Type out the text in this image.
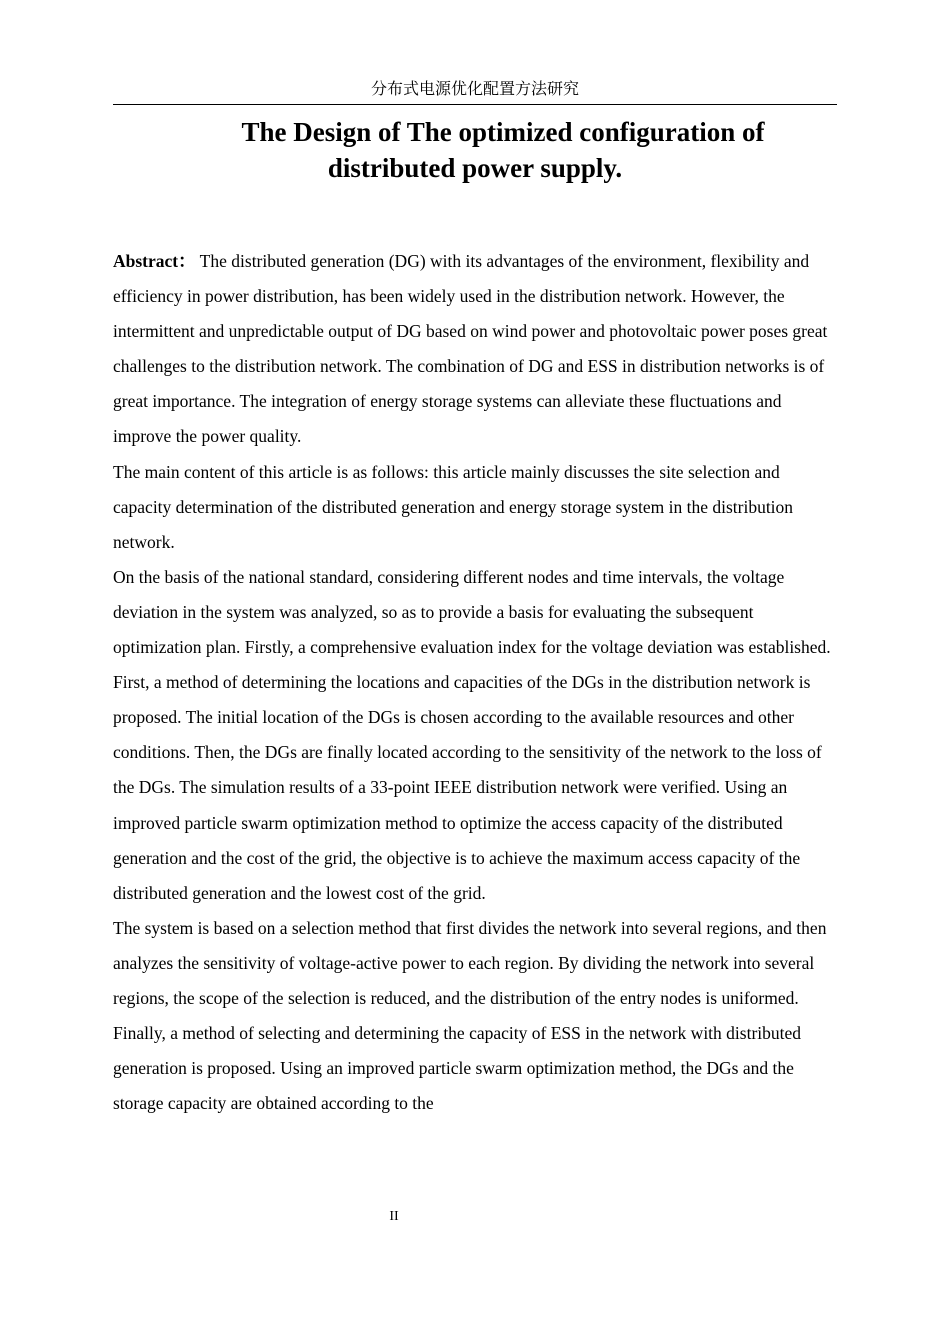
分布式电源优化配置方法研究
The Design of The optimized configuration of
distributed power supply.

Abstract： The distributed generation (DG) with its advantages of the environment, flexibility and efficiency in power distribution, has been widely used in the distribution network. However, the intermittent and unpredictable output of DG based on wind power and photovoltaic power poses great challenges to the distribution network. The combination of DG and ESS in distribution networks is of great importance. The integration of energy storage systems can alleviate these fluctuations and improve the power quality.

The main content of this article is as follows: this article mainly discusses the site selection and capacity determination of the distributed generation and energy storage system in the distribution network.

On the basis of the national standard, considering different nodes and time intervals, the voltage deviation in the system was analyzed, so as to provide a basis for evaluating the subsequent optimization plan. Firstly, a comprehensive evaluation index for the voltage deviation was established.

First, a method of determining the locations and capacities of the DGs in the distribution network is proposed. The initial location of the DGs is chosen according to the available resources and other conditions. Then, the DGs are finally located according to the sensitivity of the network to the loss of the DGs. The simulation results of a 33-point IEEE distribution network were verified. Using an improved particle swarm optimization method to optimize the access capacity of the distributed generation and the cost of the grid, the objective is to achieve the maximum access capacity of the distributed generation and the lowest cost of the grid.

The system is based on a selection method that first divides the network into several regions, and then analyzes the sensitivity of voltage-active power to each region. By dividing the network into several regions, the scope of the selection is reduced, and the distribution of the entry nodes is uniformed. Finally, a method of selecting and determining the capacity of ESS in the network with distributed generation is proposed. Using an improved particle swarm optimization method, the DGs and the storage capacity are obtained according to the

II
